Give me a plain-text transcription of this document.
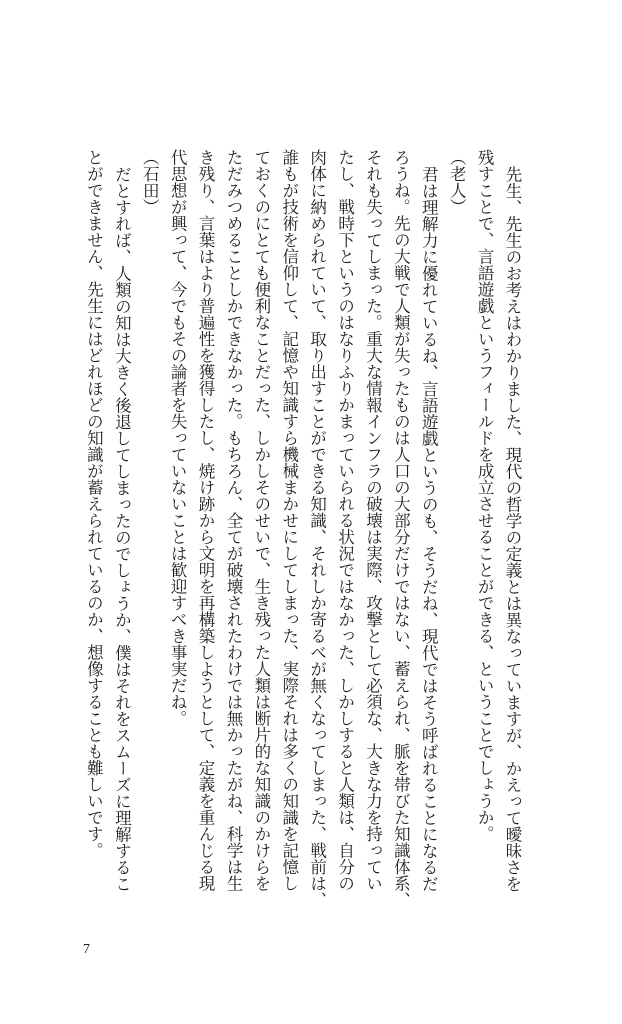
先生、先生のお考えはわかりました、現代の哲学の定義とは異なっていますが、かえって曖昧さを
残すことで、言語遊戯というフィールドを成立させることができる、ということでしょうか。
（老人）
君は理解力に優れているね、言語遊戯というのも、そうだね、現代ではそう呼ばれることになるだ
ろうね。先の大戦で人類が失ったものは人口の大部分だけではない、蓄えられ、脈を帯びた知識体系、
それも失ってしまった。重大な情報インフラの破壊は実際、攻撃として必須な、大きな力を持ってい
たし、戦時下というのはなりふりかまっていられる状況ではなかった、しかしすると人類は、自分の
肉体に納められていて、取り出すことができる知識、それしか寄るべが無くなってしまった、戦前は、
誰もが技術を信仰して、記憶や知識すら機械まかせにしてしまった、実際それは多くの知識を記憶し
ておくのにとても便利なことだった、しかしそのせいで、生き残った人類は断片的な知識のかけらを
ただみつめることしかできなかった。もちろん、全てが破壊されたわけでは無かったがね、科学は生
き残り、言葉はより普遍性を獲得したし、焼け跡から文明を再構築しようとして、定義を重んじる現
代思想が興って、今でもその論者を失っていないことは歓迎すべき事実だね。
（石田）
だとすれば、人類の知は大きく後退してしまったのでしょうか、僕はそれをスムーズに理解するこ
とができません、先生にはどれほどの知識が蓄えられているのか、想像することも難しいです。
7
